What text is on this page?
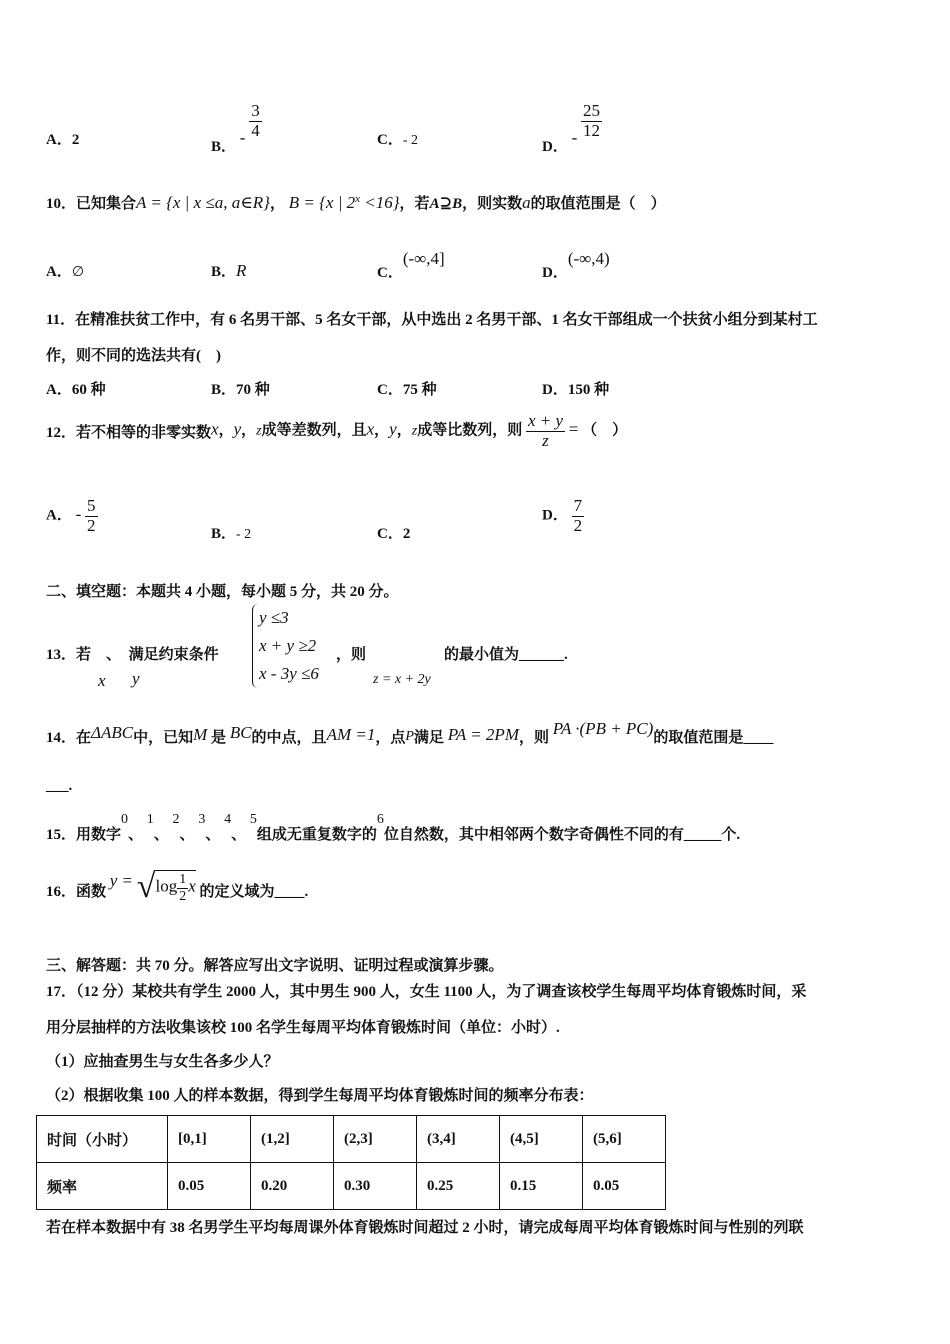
A．2	B． - $\frac{3}{4}$	C．- 2	D． - $\frac{25}{12}$
10．已知集合A = {x | x ≤a, a∈R}， B = {x | $2^x <16$}，若A⊇B，则实数a的取值范围是（　）
A．∅	B．R	C．(-∞,4]
D．(-∞,4)
11．在精准扶贫工作中，有 6 名男干部、5 名女干部，从中选出 2 名男干部、1 名女干部组成一个扶贫小组分到某村工
作，则不同的选法共有(　)
A．60 种	B．70 种	C．75 种	D．150 种
12．若不相等的非零实数x，y，z成等差数列，且x，y，z成等比数列，则 $\frac{x + y}{z}$ = （　）
A． - $\frac{5}{2}$	B．- 2	C．2
D． $\frac{7}{2}$
二、填空题：本题共 4 小题，每小题 5 分，共 20 分。
13．若　 、　 满足约束条件
x y
y ≤3
x + y ≥2
x - 3y ≤6
，则
z = x + 2y
的最小值为______.
14．在ΔABC中，已知M 是 BC的中点，且AM =1，点P满足 PA = 2PM，则 PA ·(PB + PC)的取值范围是____
___.
15．用数字$^0$、 $^1$、 $^2$、 $^3$、 $^4$、 $^5$组成无重复数字的$^6$位自然数，其中相邻两个数字奇偶性不同的有_____个.
16．函数 $y = √\log \frac{1}{2}$ x 的定义域为____.
三、解答题：共 70 分。解答应写出文字说明、证明过程或演算步骤。
17．（12 分）某校共有学生 2000 人，其中男生 900 人，女生 1100 人，为了调查该校学生每周平均体育锻炼时间，采
用分层抽样的方法收集该校 100 名学生每周平均体育锻炼时间（单位：小时）.
（1）应抽查男生与女生各多少人？
（2）根据收集 100 人的样本数据，得到学生每周平均体育锻炼时间的频率分布表：
时间（小时）	[0,1]	(1,2]	(2,3]	(3,4]	(4,5]	(5,6]
频率	0.05	0.20	0.30	0.25	0.15	0.05
若在样本数据中有 38 名男学生平均每周课外体育锻炼时间超过 2 小时，请完成每周平均体育锻炼时间与性别的列联
